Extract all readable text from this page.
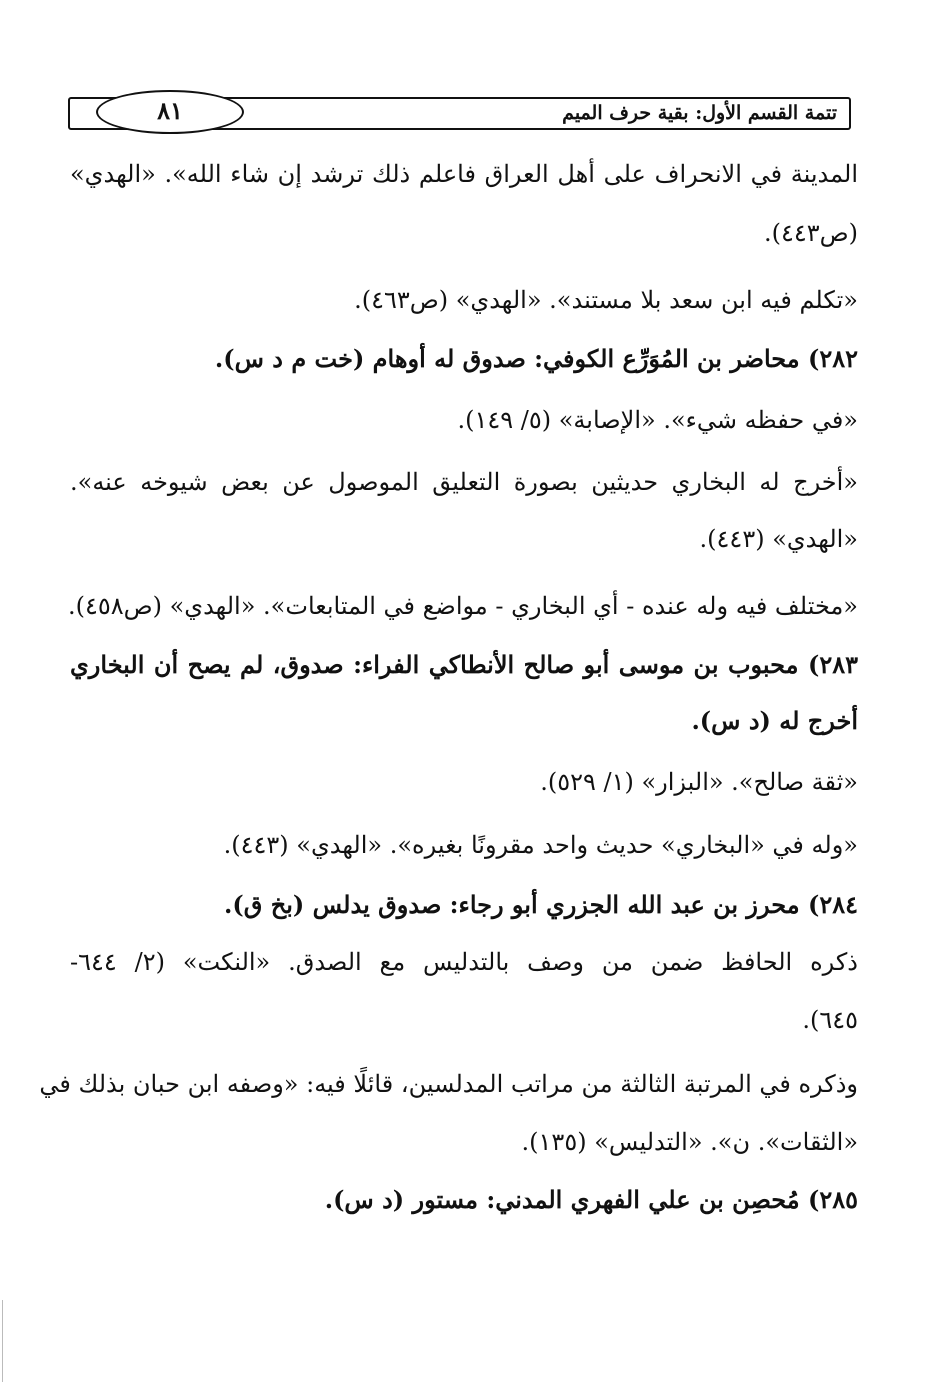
تتمة القسم الأول: بقية حرف الميم
٨١
المدينة في الانحراف على أهل العراق فاعلم ذلك ترشد إن شاء الله». «الهدي»
(ص٤٤٣).
«تكلم فيه ابن سعد بلا مستند». «الهدي» (ص٤٦٣).
٢٨٢) محاضر بن المُوَرِّع الكوفي: صدوق له أوهام (خت م د س).
«في حفظه شيء». «الإصابة» (٥/ ١٤٩).
«أخرج له البخاري حديثين بصورة التعليق الموصول عن بعض شيوخه عنه».
«الهدي» (٤٤٣).
«مختلف فيه وله عنده - أي البخاري - مواضع في المتابعات». «الهدي» (ص٤٥٨).
٢٨٣) محبوب بن موسى أبو صالح الأنطاكي الفراء: صدوق، لم يصح أن البخاري
أخرج له (د س).
«ثقة صالح». «البزار» (١/ ٥٢٩).
«وله في «البخاري» حديث واحد مقرونًا بغيره». «الهدي» (٤٤٣).
٢٨٤) محرز بن عبد الله الجزري أبو رجاء: صدوق يدلس (بخ ق).
ذكره الحافظ ضمن من وصف بالتدليس مع الصدق. «النكت» (٢/ ٦٤٤-
٦٤٥).
وذكره في المرتبة الثالثة من مراتب المدلسين، قائلًا فيه: «وصفه ابن حبان بذلك في
«الثقات». ن». «التدليس» (١٣٥).
٢٨٥) مُحصِن بن علي الفهري المدني: مستور (د س).
